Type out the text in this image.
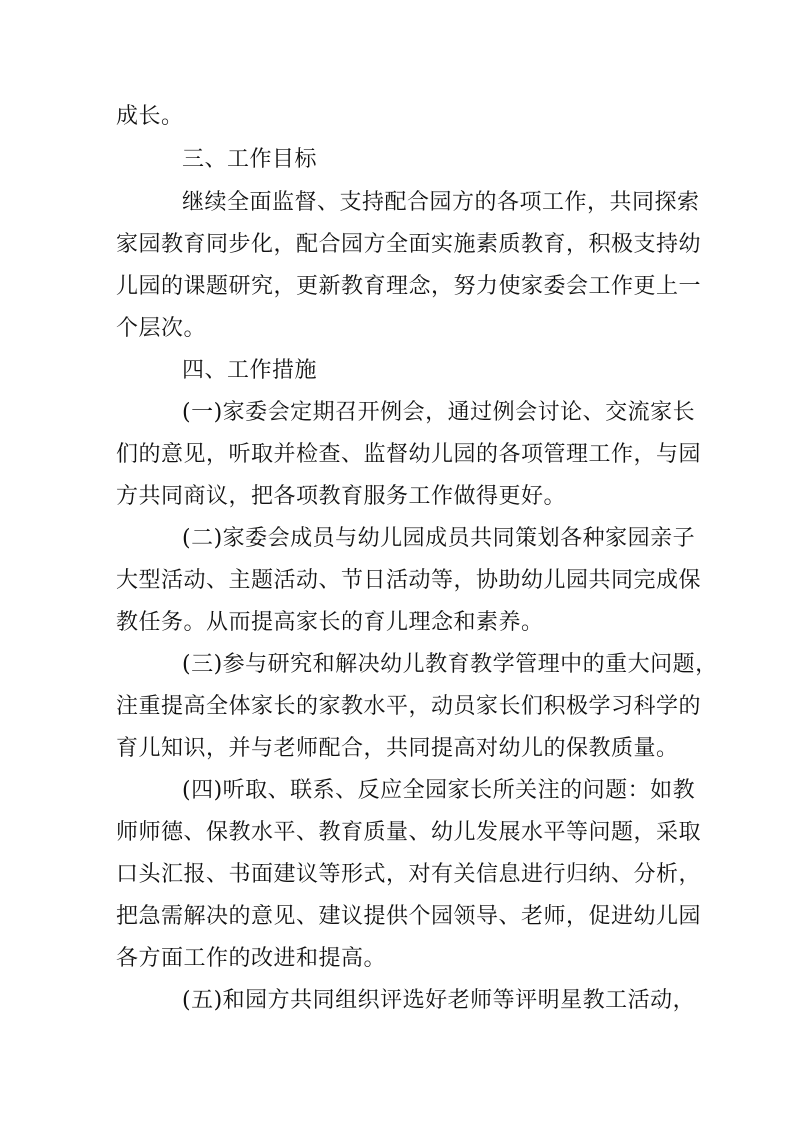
成长。
三、工作目标
继续全面监督、支持配合园方的各项工作，共同探索
家园教育同步化，配合园方全面实施素质教育，积极支持幼
儿园的课题研究，更新教育理念，努力使家委会工作更上一
个层次。
四、工作措施
(一)家委会定期召开例会，通过例会讨论、交流家长
们的意见，听取并检查、监督幼儿园的各项管理工作，与园
方共同商议，把各项教育服务工作做得更好。
(二)家委会成员与幼儿园成员共同策划各种家园亲子
大型活动、主题活动、节日活动等，协助幼儿园共同完成保
教任务。从而提高家长的育儿理念和素养。
(三)参与研究和解决幼儿教育教学管理中的重大问题，
注重提高全体家长的家教水平，动员家长们积极学习科学的
育儿知识，并与老师配合，共同提高对幼儿的保教质量。
(四)听取、联系、反应全园家长所关注的问题：如教
师师德、保教水平、教育质量、幼儿发展水平等问题，采取
口头汇报、书面建议等形式，对有关信息进行归纳、分析，
把急需解决的意见、建议提供个园领导、老师，促进幼儿园
各方面工作的改进和提高。
(五)和园方共同组织评选好老师等评明星教工活动，
